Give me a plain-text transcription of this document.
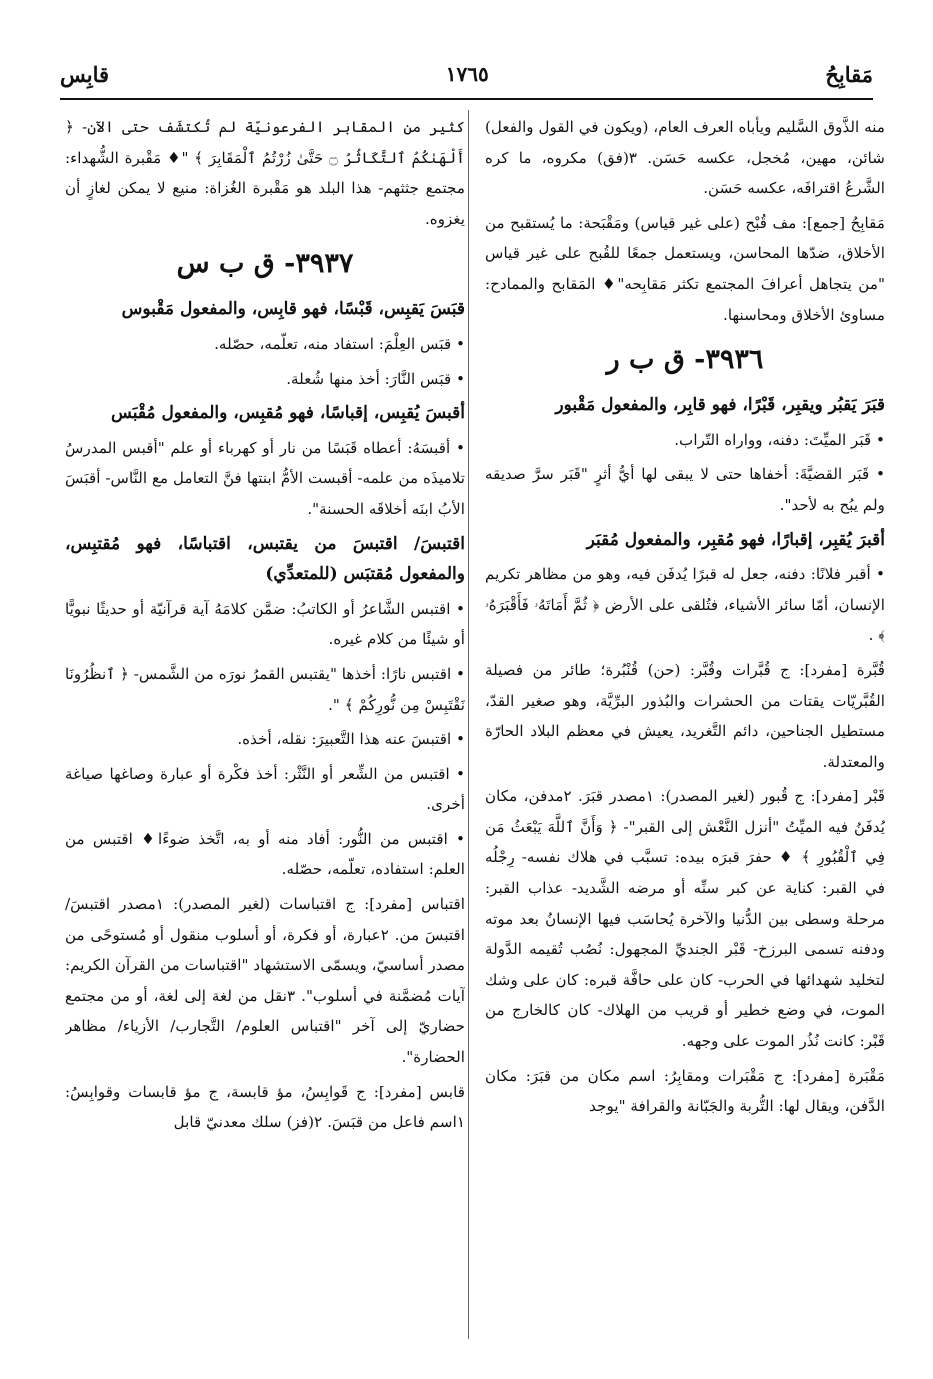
مَقابِحُ
١٧٦٥
قابِس

منه الذَّوق السَّليم ويأباه العرف العام، (ويكون في القول والفعل) شائن، مهين، مُخجل، عكسه حَسَن. ٣(فق) مكروه، ما كره الشَّرعُ اقترافَه، عكسه حَسَن.

مَقابِحُ [جمع]: مف قُبْح (على غير قياس) ومَقْبَحة: ما يُستقبح من الأخلاق، ضدّها المحاسن، ويستعمل جمعًا للقُبح على غير قياس "من يتجاهل أعرافَ المجتمع تكثر مَقابِحه"♦ المَقابح والممادح: مساوئ الأخلاق ومحاسنها.

٣٩٣٦- ق ب ر

قبَرَ يَقبُر ويقبِر، قَبْرًا، فهو قابِر، والمفعول مَقْبور

• قَبَر الميِّتَ: دفنه، وواراه التّراب.

• قَبَر القضيَّةَ: أخفاها حتى لا يبقى لها أيُّ أثرٍ "قَبَر سرَّ صديقه ولم يبُح به لأحد".

أقبرَ يُقبِر، إقبارًا، فهو مُقبِر، والمفعول مُقبَر

• أقبر فلانًا: دفنه، جعل له قبرًا يُدفَن فيه، وهو من مظاهر تكريم الإنسان، أمّا سائر الأشياء، فتُلقى على الأرض ﴿ ثُمَّ أَمَاتَهُۥ فَأَقْبَرَهُۥ ﴾ .

قُبَّرة [مفرد]: ج قُبَّرات وقُبَّر: (حن) قُنْبُرة؛ طائر من فصيلة القُبَّريّات يقتات من الحشرات والبُذور البرِّيَّة، وهو صغير القدّ، مستطيل الجناحين، دائم التَّغريد، يعيش في معظم البلاد الحارّة والمعتدلة.

قَبْر [مفرد]: ج قُبور (لغير المصدر): ١مصدر قبَرَ. ٢مدفن، مكان يُدفَنُ فيه الميِّتُ "أنزل النَّعْش إلى القبر"- ﴿ وَأَنَّ ٱللَّهَ يَبْعَثُ مَن فِي ٱلْقُبُورِ ﴾ ♦ حفرَ قبرَه بيده: تسبَّب في هلاك نفسه- رِجْلُه في القبر: كناية عن كبر سنِّه أو مرضه الشَّديد- عذاب القبر: مرحلة وسطى بين الدُّنيا والآخرة يُحاسَب فيها الإنسانُ بعد موته ودفنه تسمى البرزخ- قَبْر الجنديِّ المجهول: نُصُب تُقيمه الدَّولة لتخليد شهدائها في الحرب- كان على حافَّة قبره: كان على وشك الموت، في وضع خطير أو قريب من الهلاك- كان كالخارج من قَبْر: كانت نُذُر الموت على وجهه.

مَقْبَرة [مفرد]: ج مَقْبَرات ومقابِرُ: اسم مكان من قبَرَ: مكان الدَّفن، ويقال لها: التُّربة والجَبّانة والقرافة "يوجد

كثير من المقابر الفرعونيّة لم تُكتشَف حتى الآن- ﴿ أَلْهَىٰكُمُ ٱلتَّكَاثُرُ ۝ حَتَّىٰ زُرْتُمُ ٱلْمَقَابِرَ ﴾ "♦ مَقْبرة الشُّهداء: مجتمع جثثهم- هذا البلد هو مَقْبرة الغُزاة: منيع لا يمكن لغازٍ أن يغزوه.

٣٩٣٧- ق ب س

قبَسَ يَقبِس، قَبْسًا، فهو قابِس، والمفعول مَقْبوس

• قبَس العِلْمَ: استفاد منه، تعلّمه، حصّله.

• قبَس النَّارَ: أخذ منها شُعلة.

أقبسَ يُقبِس، إقباسًا، فهو مُقبِس، والمفعول مُقْبَس

• أقبسَهُ: أعطاه قَبَسًا من نار أو كهرباء أو علم "أقبس المدرسُ تلاميذَه من علمه- أقبست الأمُّ ابنتها فنَّ التعامل مع النَّاس- أقبَسَ الأبُ ابنَه أخلاقَه الحسنة".

اقتبسَ/ اقتبسَ من يقتبس، اقتباسًا، فهو مُقتبِس، والمفعول مُقتبَس (للمتعدِّي)

• اقتبس الشَّاعرُ أو الكاتبُ: ضمَّن كلامَهُ آية قرآنيّة أو حديثًا نبويًّا أو شيئًا من كلام غيره.

• اقتبس نارًا: أخذها "يقتبس القمرُ نورَه من الشَّمس- ﴿ ٱنظُرُونَا نَقْتَبِسْ مِن نُّورِكُمْ ﴾ ".

• اقتبسَ عنه هذا التَّعبيرَ: نقله، أخذه.

• اقتبس من الشِّعر أو النَّثْر: أخذ فكْرة أو عبارة وصاغها صياغة أخرى.

• اقتبس من النُّور: أفاد منه أو به، اتَّخذ ضوءًا♦ اقتبس من العلم: استفاده، تعلّمه، حصّله.

اقتباس [مفرد]: ج اقتباسات (لغير المصدر): ١مصدر اقتبسَ/ اقتبسَ من. ٢عبارة، أو فكرة، أو أسلوب منقول أو مُستوحًى من مصدر أساسيّ، ويسمّى الاستشهاد "اقتباسات من القرآن الكريم: آيات مُضمَّنة في أسلوب". ٣نقل من لغة إلى لغة، أو من مجتمع حضاريّ إلى آخر "اقتباس العلوم/ التَّجارب/ الأزياء/ مظاهر الحضارة".

قابس [مفرد]: ج قَوابِسُ، مؤ قابسة، ج مؤ قابسات وقوابِسُ: ١اسم فاعل من قبَسَ. ٢(فز) سلك معدنيّ قابل
